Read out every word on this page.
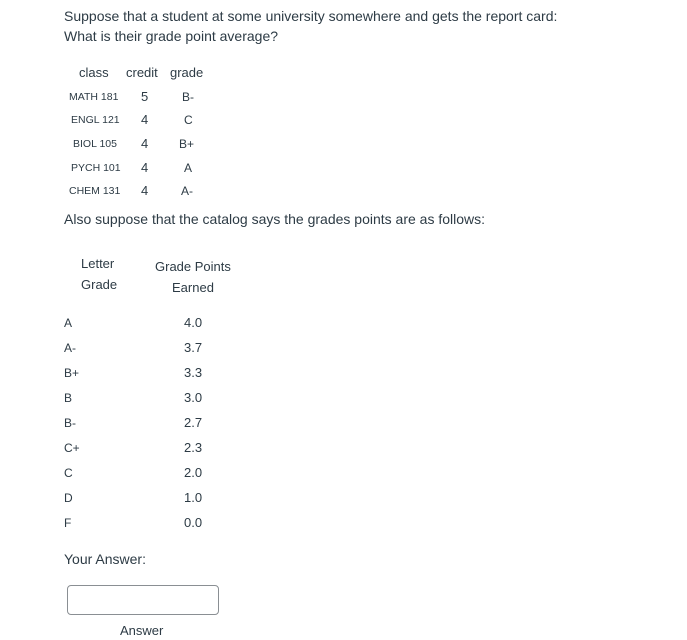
Suppose that a student at some university somewhere and gets the report card:
What is their grade point average?
class credit grade
MATH 181 5	B-
ENGL 121 4	C
BIOL 105 4	B+
PYCH 101 4	A
CHEM 131 4	A-
Also suppose that the catalog says the grades points are as follows:
Letter
Grade
Grade Points
Earned
A	4.0
A-	3.7
B+	3.3
B	3.0
B-	2.7
C+	2.3
C	2.0
D	1.0
F	0.0
Your Answer:
Answer
